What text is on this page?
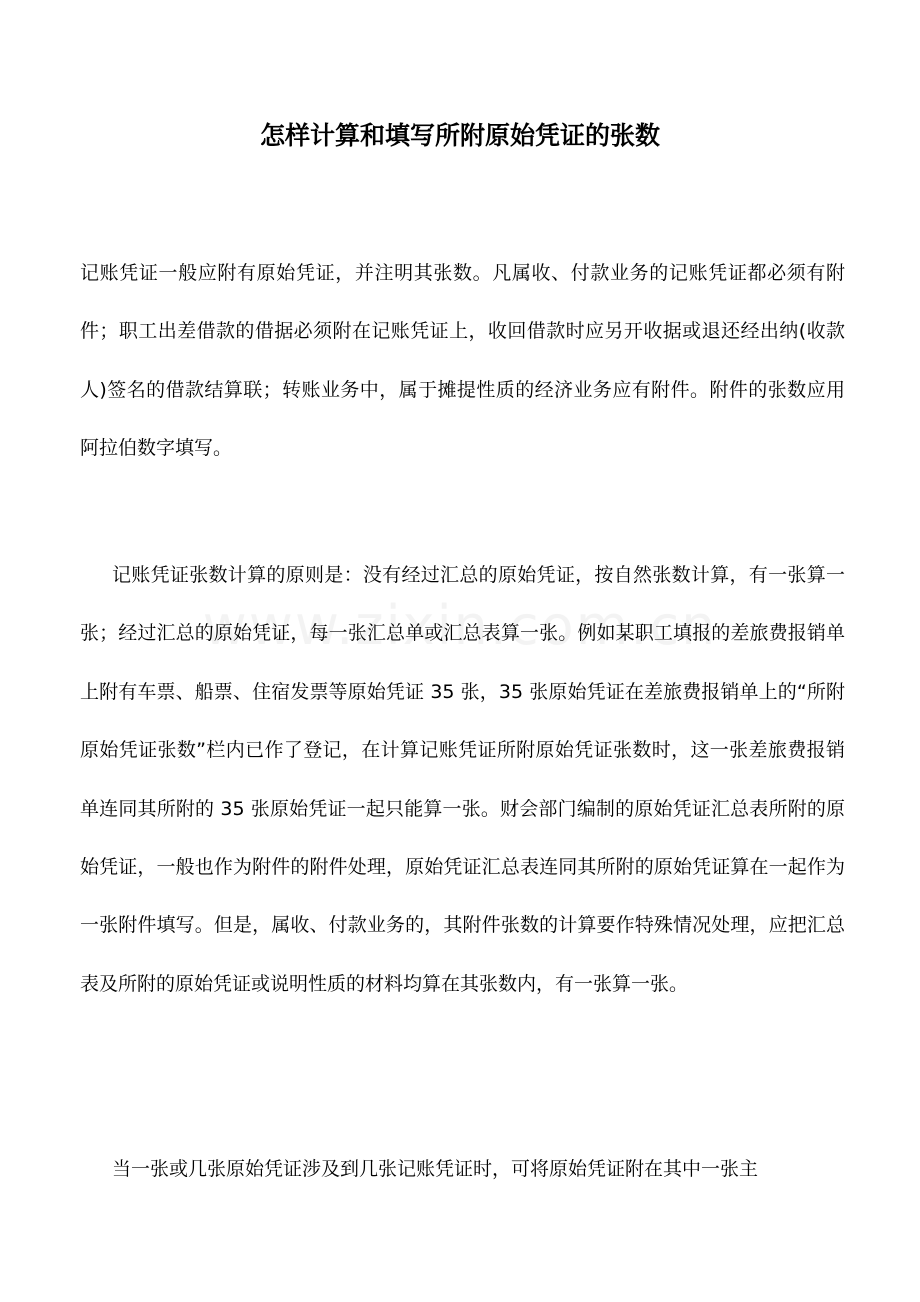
怎样计算和填写所附原始凭证的张数

记账凭证一般应附有原始凭证，并注明其张数。凡属收、付款业务的记账凭证都必须有附件；职工出差借款的借据必须附在记账凭证上，收回借款时应另开收据或退还经出纳(收款人)签名的借款结算联；转账业务中，属于摊提性质的经济业务应有附件。附件的张数应用阿拉伯数字填写。

记账凭证张数计算的原则是：没有经过汇总的原始凭证，按自然张数计算，有一张算一张；经过汇总的原始凭证，每一张汇总单或汇总表算一张。例如某职工填报的差旅费报销单上附有车票、船票、住宿发票等原始凭证 35 张，35 张原始凭证在差旅费报销单上的“所附原始凭证张数”栏内已作了登记，在计算记账凭证所附原始凭证张数时，这一张差旅费报销单连同其所附的 35 张原始凭证一起只能算一张。财会部门编制的原始凭证汇总表所附的原始凭证，一般也作为附件的附件处理，原始凭证汇总表连同其所附的原始凭证算在一起作为一张附件填写。但是，属收、付款业务的，其附件张数的计算要作特殊情况处理，应把汇总表及所附的原始凭证或说明性质的材料均算在其张数内，有一张算一张。

当一张或几张原始凭证涉及到几张记账凭证时，可将原始凭证附在其中一张主
